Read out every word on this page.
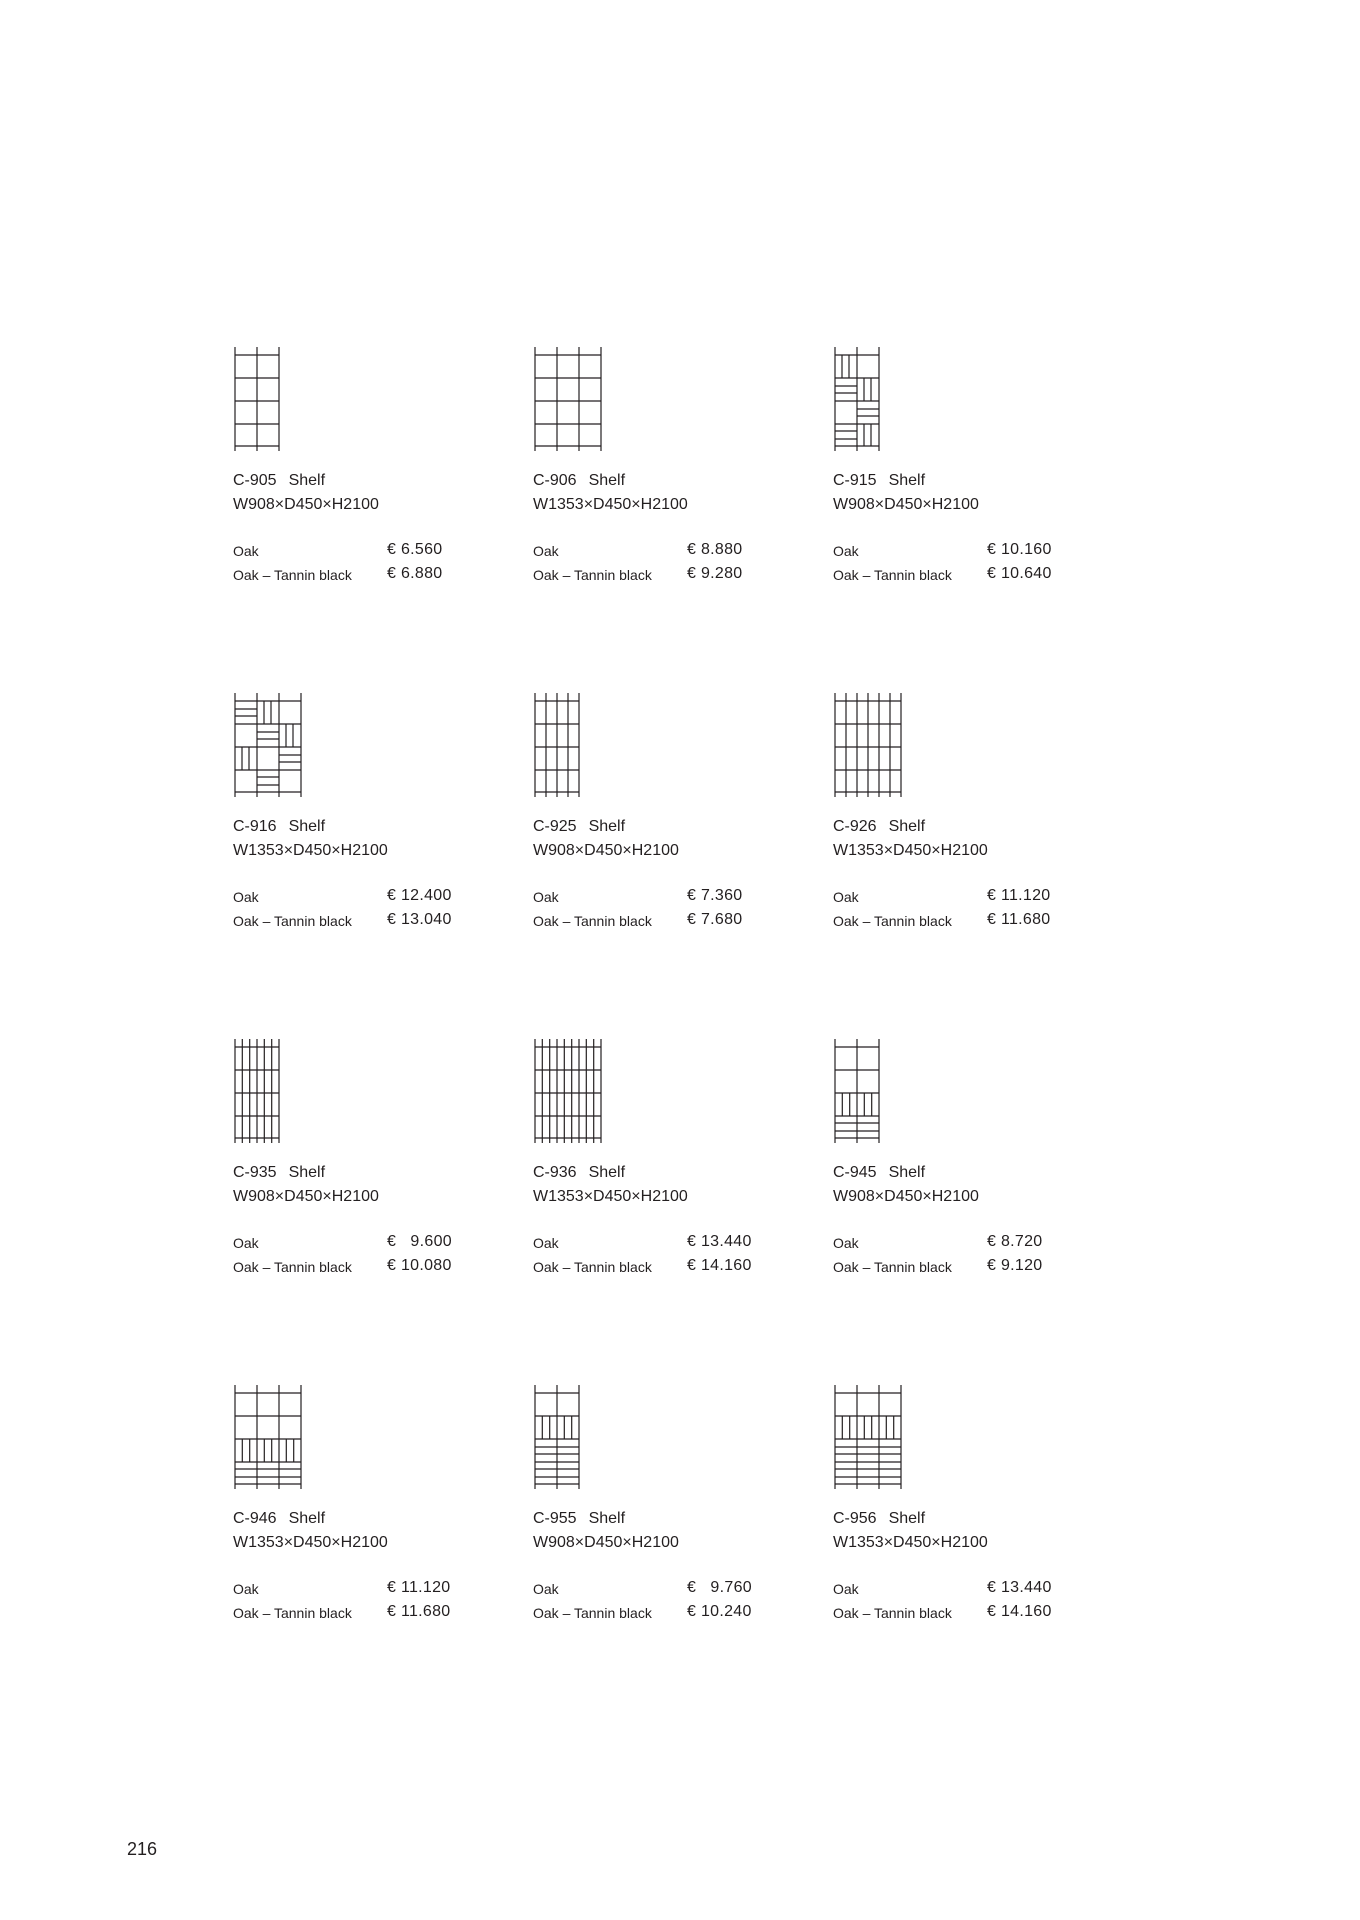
C-905 Shelf
W908×D450×H2100
Oak	€ 6.560
Oak – Tannin black € 6.880
C-906 Shelf
W1353×D450×H2100
Oak	€ 8.880
Oak – Tannin black € 9.280
C-915 Shelf
W908×D450×H2100
Oak	€ 10.160
Oak – Tannin black € 10.640
C-916 Shelf
W1353×D450×H2100
Oak	€ 12.400
Oak – Tannin black € 13.040
C-925 Shelf
W908×D450×H2100
Oak	€ 7.360
Oak – Tannin black € 7.680
C-926 Shelf
W1353×D450×H2100
Oak	€ 11.120
Oak – Tannin black € 11.680
C-935 Shelf
W908×D450×H2100
Oak	€   9.600
Oak – Tannin black € 10.080
C-936 Shelf
W1353×D450×H2100
Oak	€ 13.440
Oak – Tannin black € 14.160
C-945 Shelf
W908×D450×H2100
Oak	€ 8.720
Oak – Tannin black € 9.120
C-946 Shelf
W1353×D450×H2100
Oak	€ 11.120
Oak – Tannin black € 11.680
C-955 Shelf
W908×D450×H2100
Oak	€   9.760
Oak – Tannin black € 10.240
C-956 Shelf
W1353×D450×H2100
Oak	€ 13.440
Oak – Tannin black € 14.160
216
